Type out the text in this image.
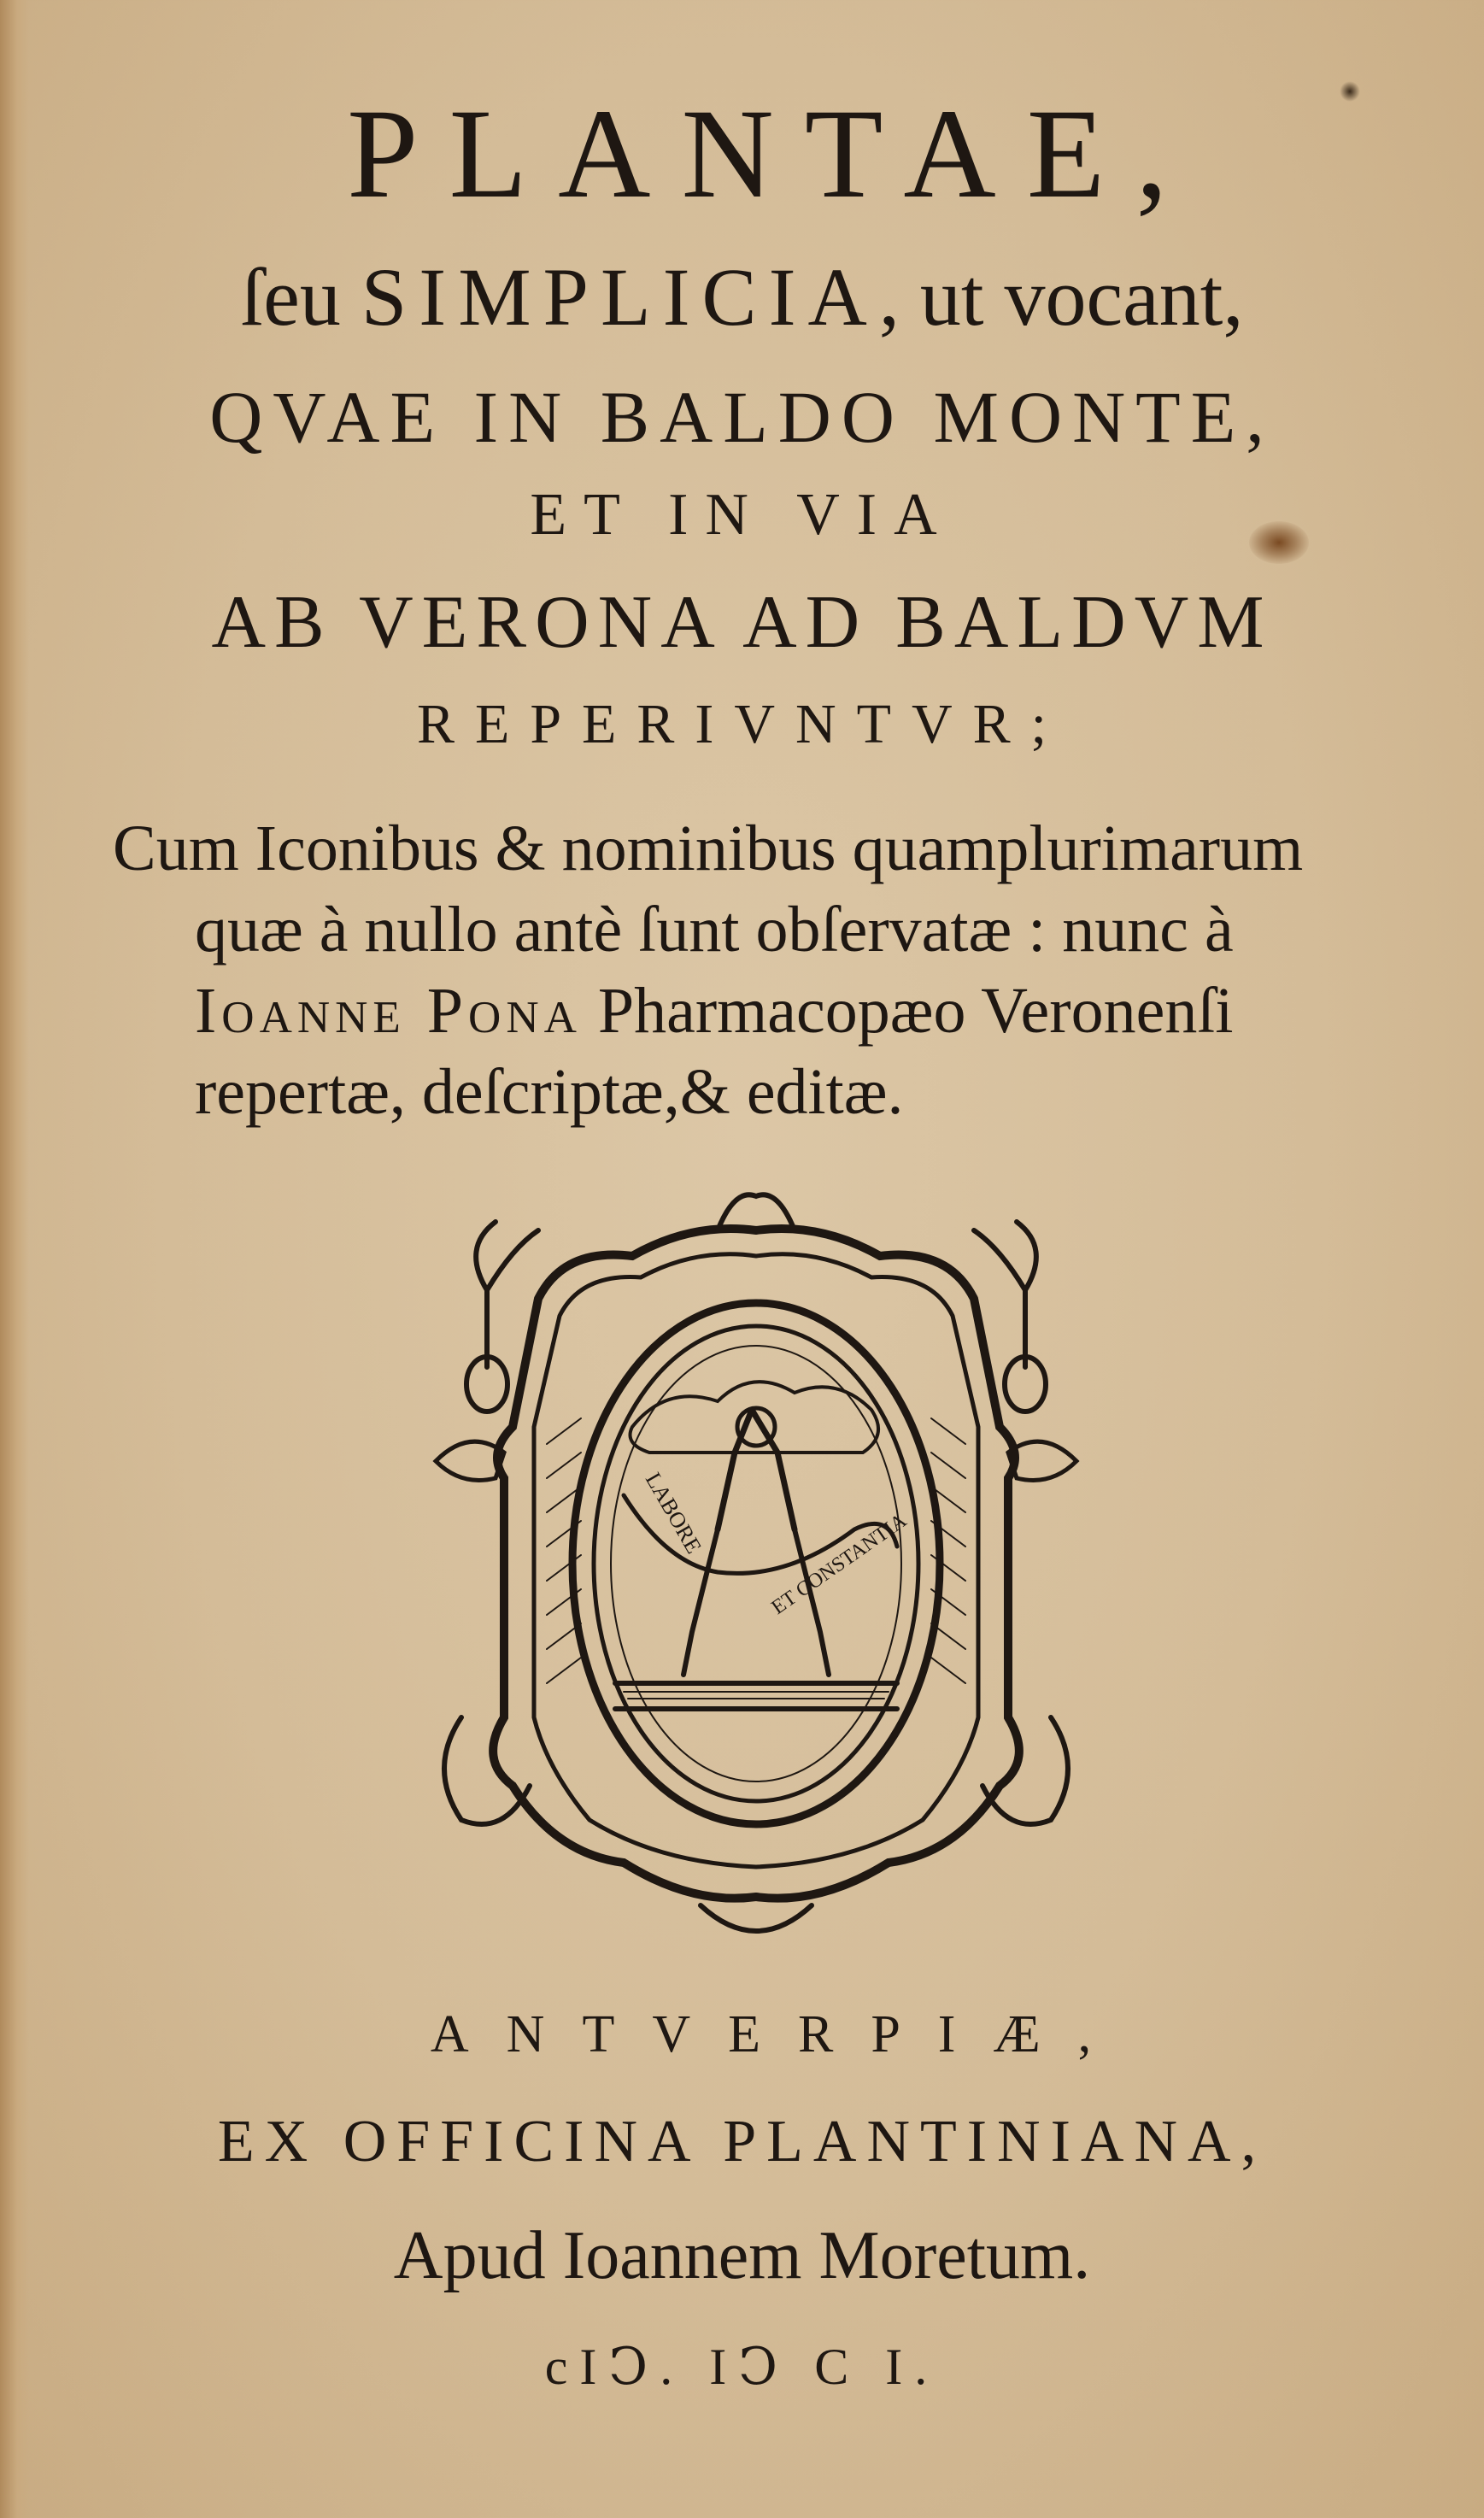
PLANTAE,
ſeu SIMPLICIA, ut vocant,
QVAE IN BALDO MONTE,
ET IN VIA
AB VERONA AD BALDVM
REPERIVNTVR;
Cum Iconibus & nominibus quamplurimarum
quæ à nullo antè ſunt obſervatæ : nunc à
Ioanne Pona Pharmacopæo Veronenſi
repertæ, deſcriptæ,& editæ.
LABORE	ET CONSTANTIA
ANTVERPIÆ,
EX OFFICINA PLANTINIANA,
Apud Ioannem Moretum.
cIↃ. IↃ C I.
